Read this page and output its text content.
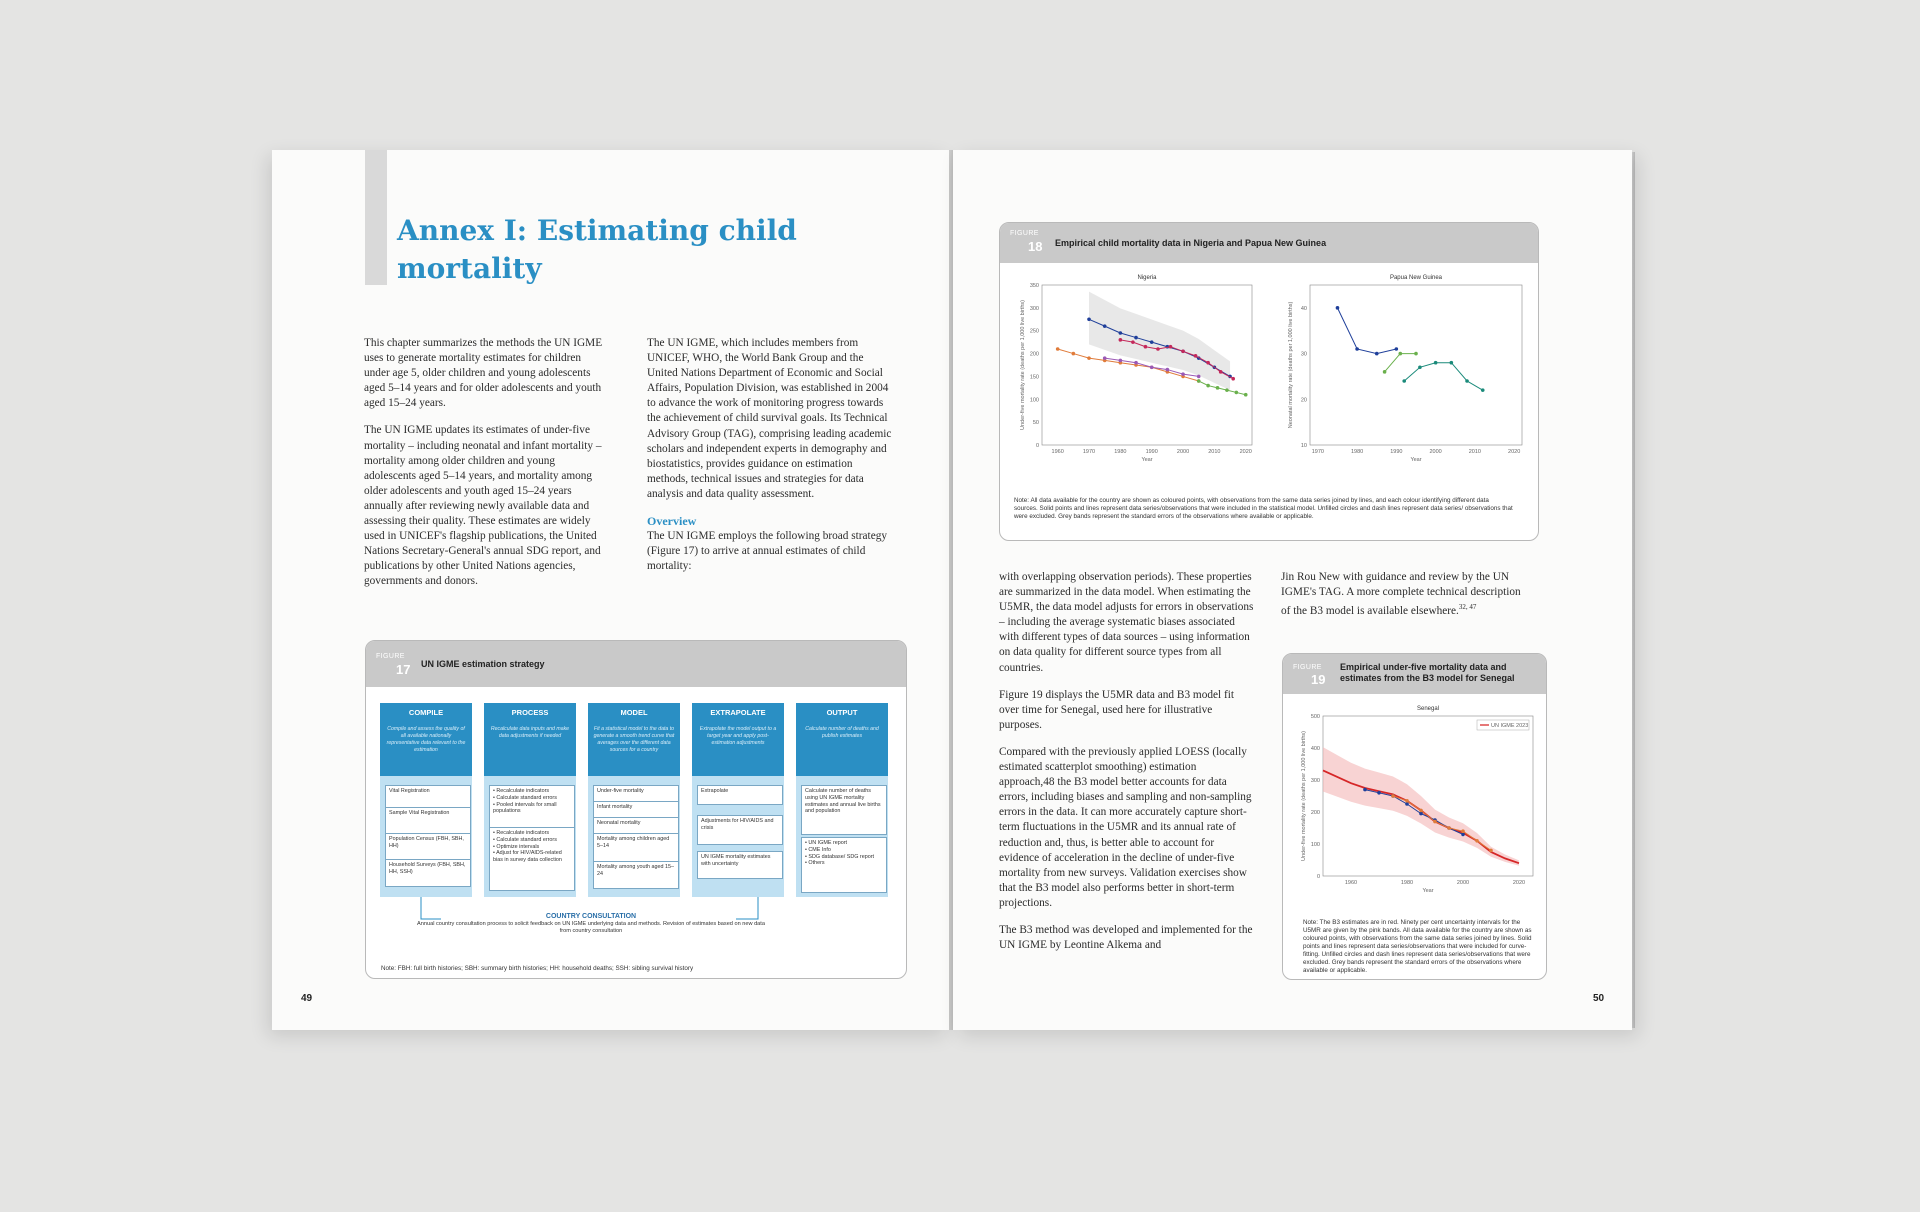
Annex I: Estimating child mortality

This chapter summarizes the methods the UN IGME uses to generate mortality estimates for children under age 5, older children and young adolescents aged 5–14 years and for older adolescents and youth aged 15–24 years.

The UN IGME updates its estimates of under-five mortality – including neonatal and infant mortality – mortality among older children and young adolescents aged 5–14 years, and mortality among older adolescents and youth aged 15–24 years annually after reviewing newly available data and assessing their quality. These estimates are widely used in UNICEF's flagship publications, the United Nations Secretary-General's annual SDG report, and publications by other United Nations agencies, governments and donors.

The UN IGME, which includes members from UNICEF, WHO, the World Bank Group and the United Nations Department of Economic and Social Affairs, Population Division, was established in 2004 to advance the work of monitoring progress towards the achievement of child survival goals. Its Technical Advisory Group (TAG), comprising leading academic scholars and independent experts in demography and biostatistics, provides guidance on estimation methods, technical issues and strategies for data analysis and data quality assessment.

Overview

The UN IGME employs the following broad strategy (Figure 17) to arrive at annual estimates of child mortality:

FIGURE
17 UN IGME estimation strategy
COMPILE
Compile and assess the quality of all available nationally representative data relevant to the estimation
Vital Registration
Sample Vital Registration
Population Census (FBH, SBH, HH)
Household Surveys (FBH, SBH, HH, SSH)
PROCESS
Recalculate data inputs and make data adjustments if needed
• Recalculate indicators
• Calculate standard errors
• Pooled intervals for small populations
• Recalculate indicators
• Calculate standard errors
• Optimize intervals
• Adjust for HIV/AIDS-related bias in survey data collection
MODEL
Fit a statistical model to the data to generate a smooth trend curve that averages over the different data sources for a country
Under-five mortality
Infant mortality
Neonatal mortality
Mortality among children aged 5–14
Mortality among youth aged 15–24
EXTRAPOLATE
Extrapolate the model output to a target year and apply post-estimation adjustments
Extrapolate
Adjustments for HIV/AIDS and crisis
UN IGME mortality estimates with uncertainty
OUTPUT
Calculate number of deaths and publish estimates
Calculate number of deaths using UN IGME mortality estimates and annual live births and population
• UN IGME report
• CME Info
• SDG database/ SDG report
• Others
COUNTRY CONSULTATION
Annual country consultation process to solicit feedback on UN IGME underlying data and methods. Revision of estimates based on new data from country consultation
Note: FBH: full birth histories; SBH: summary birth histories; HH: household deaths; SSH: sibling survival history
49
FIGURE
18 Empirical child mortality data in Nigeria and Papua New Guinea
Nigeria
1960	1970	1980	1990	2000	2010	2020
0
50
100
150
200
250
300
350
Year
Under-five mortality rate (deaths per 1,000 live births)
Papua New Guinea
1970	1980	1990	2000	2010	2020
10
20
30
40
Year
Neonatal mortality rate (deaths per 1,000 live births)
Note: All data available for the country are shown as coloured points, with observations from the same data series joined by lines, and each colour identifying different data sources. Solid points and lines represent data series/observations that were included in the statistical model. Unfilled circles and dash lines represent data series/ observations that were excluded. Grey bands represent the standard errors of the observations where available or applicable.

with overlapping observation periods). These properties are summarized in the data model. When estimating the U5MR, the data model adjusts for errors in observations – including the average systematic biases associated with different types of data sources – using information on data quality for different source types from all countries.

Figure 19 displays the U5MR data and B3 model fit over time for Senegal, used here for illustrative purposes.

Compared with the previously applied LOESS (locally estimated scatterplot smoothing) estimation approach,48 the B3 model better accounts for data errors, including biases and sampling and non-sampling errors in the data. It can more accurately capture short-term fluctuations in the U5MR and its annual rate of reduction and, thus, is better able to account for evidence of acceleration in the decline of under-five mortality from new surveys. Validation exercises show that the B3 model also performs better in short-term projections.

The B3 method was developed and implemented for the UN IGME by Leontine Alkema and

Jin Rou New with guidance and review by the UN IGME's TAG. A more complete technical description of the B3 model is available elsewhere.$^{32, 47}$

FIGURE
19
Empirical under-five mortality data and estimates from the B3 model for Senegal
Senegal
1960	1980	2000	2020
0
100
200
300
400
500
Year
Under-five mortality rate (deaths per 1,000 live births)
UN IGME 2023
Note: The B3 estimates are in red. Ninety per cent uncertainty intervals for the U5MR are given by the pink bands. All data available for the country are shown as coloured points, with observations from the same data series joined by lines. Solid points and lines represent data series/observations that were included for curve-fitting. Unfilled circles and dash lines represent data series/observations that were excluded. Grey bands represent the standard errors of the observations where available or applicable.
50
